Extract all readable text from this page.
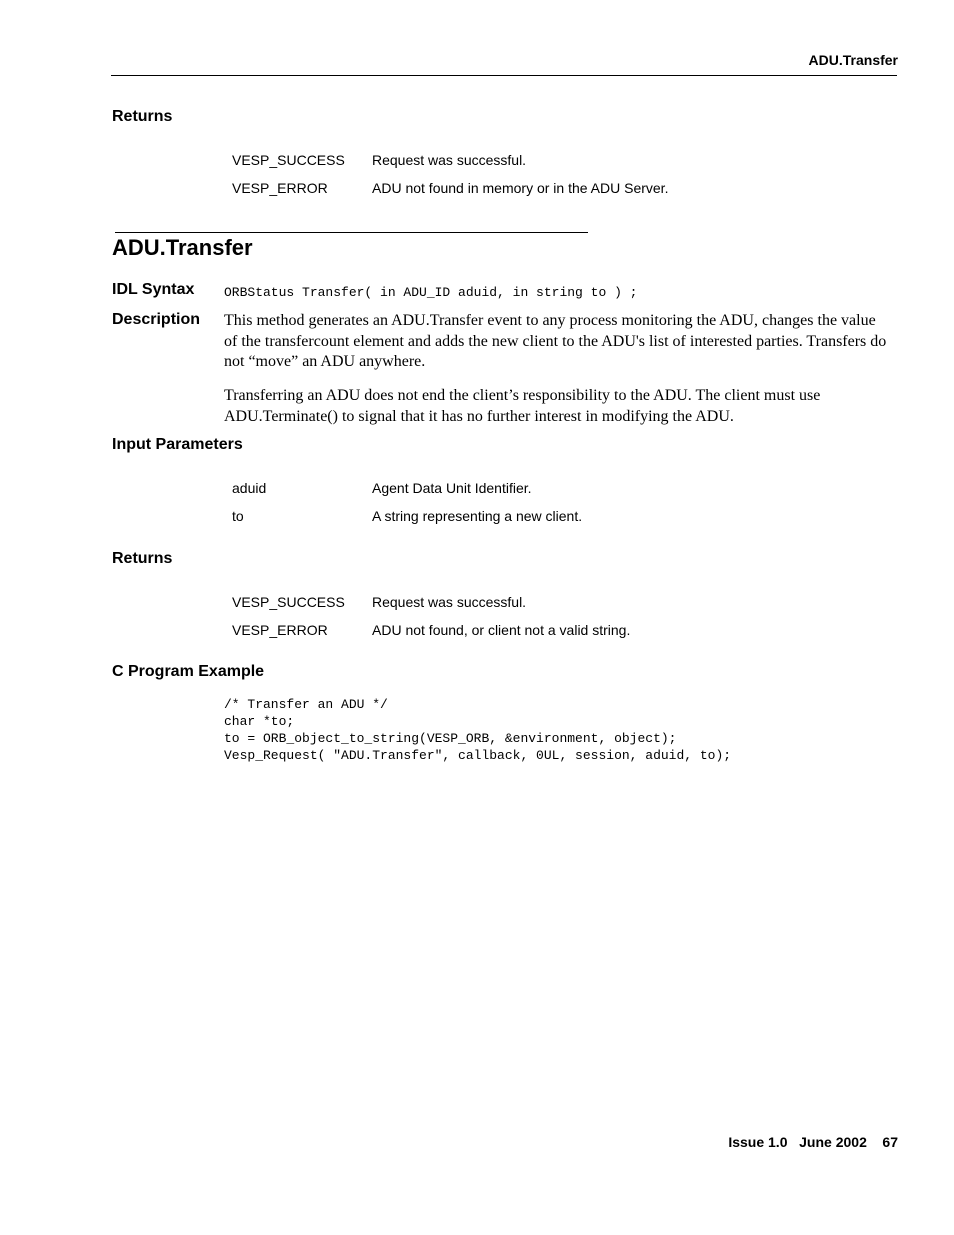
ADU.Transfer
Returns
VESP_SUCCESS Request was successful.
VESP_ERROR	ADU not found in memory or in the ADU Server.
ADU.Transfer
IDL Syntax ORBStatus Transfer( in ADU_ID aduid, in string to ) ;
Description This method generates an ADU.Transfer event to any process monitoring the ADU, changes the value of the transfercount element and adds the new client to the ADU's list of interested parties. Transfers do not “move” an ADU anywhere.
Transferring an ADU does not end the client’s responsibility to the ADU. The client must use ADU.Terminate() to signal that it has no further interest in modifying the ADU.
Input Parameters
aduid	Agent Data Unit Identifier.
to	A string representing a new client.
Returns
VESP_SUCCESS Request was successful.
VESP_ERROR	ADU not found, or client not a valid string.
C Program Example
/* Transfer an ADU */
char *to;
to = ORB_object_to_string(VESP_ORB, &environment, object);
Vesp_Request( "ADU.Transfer", callback, 0UL, session, aduid, to);
Issue 1.0   June 2002    67
